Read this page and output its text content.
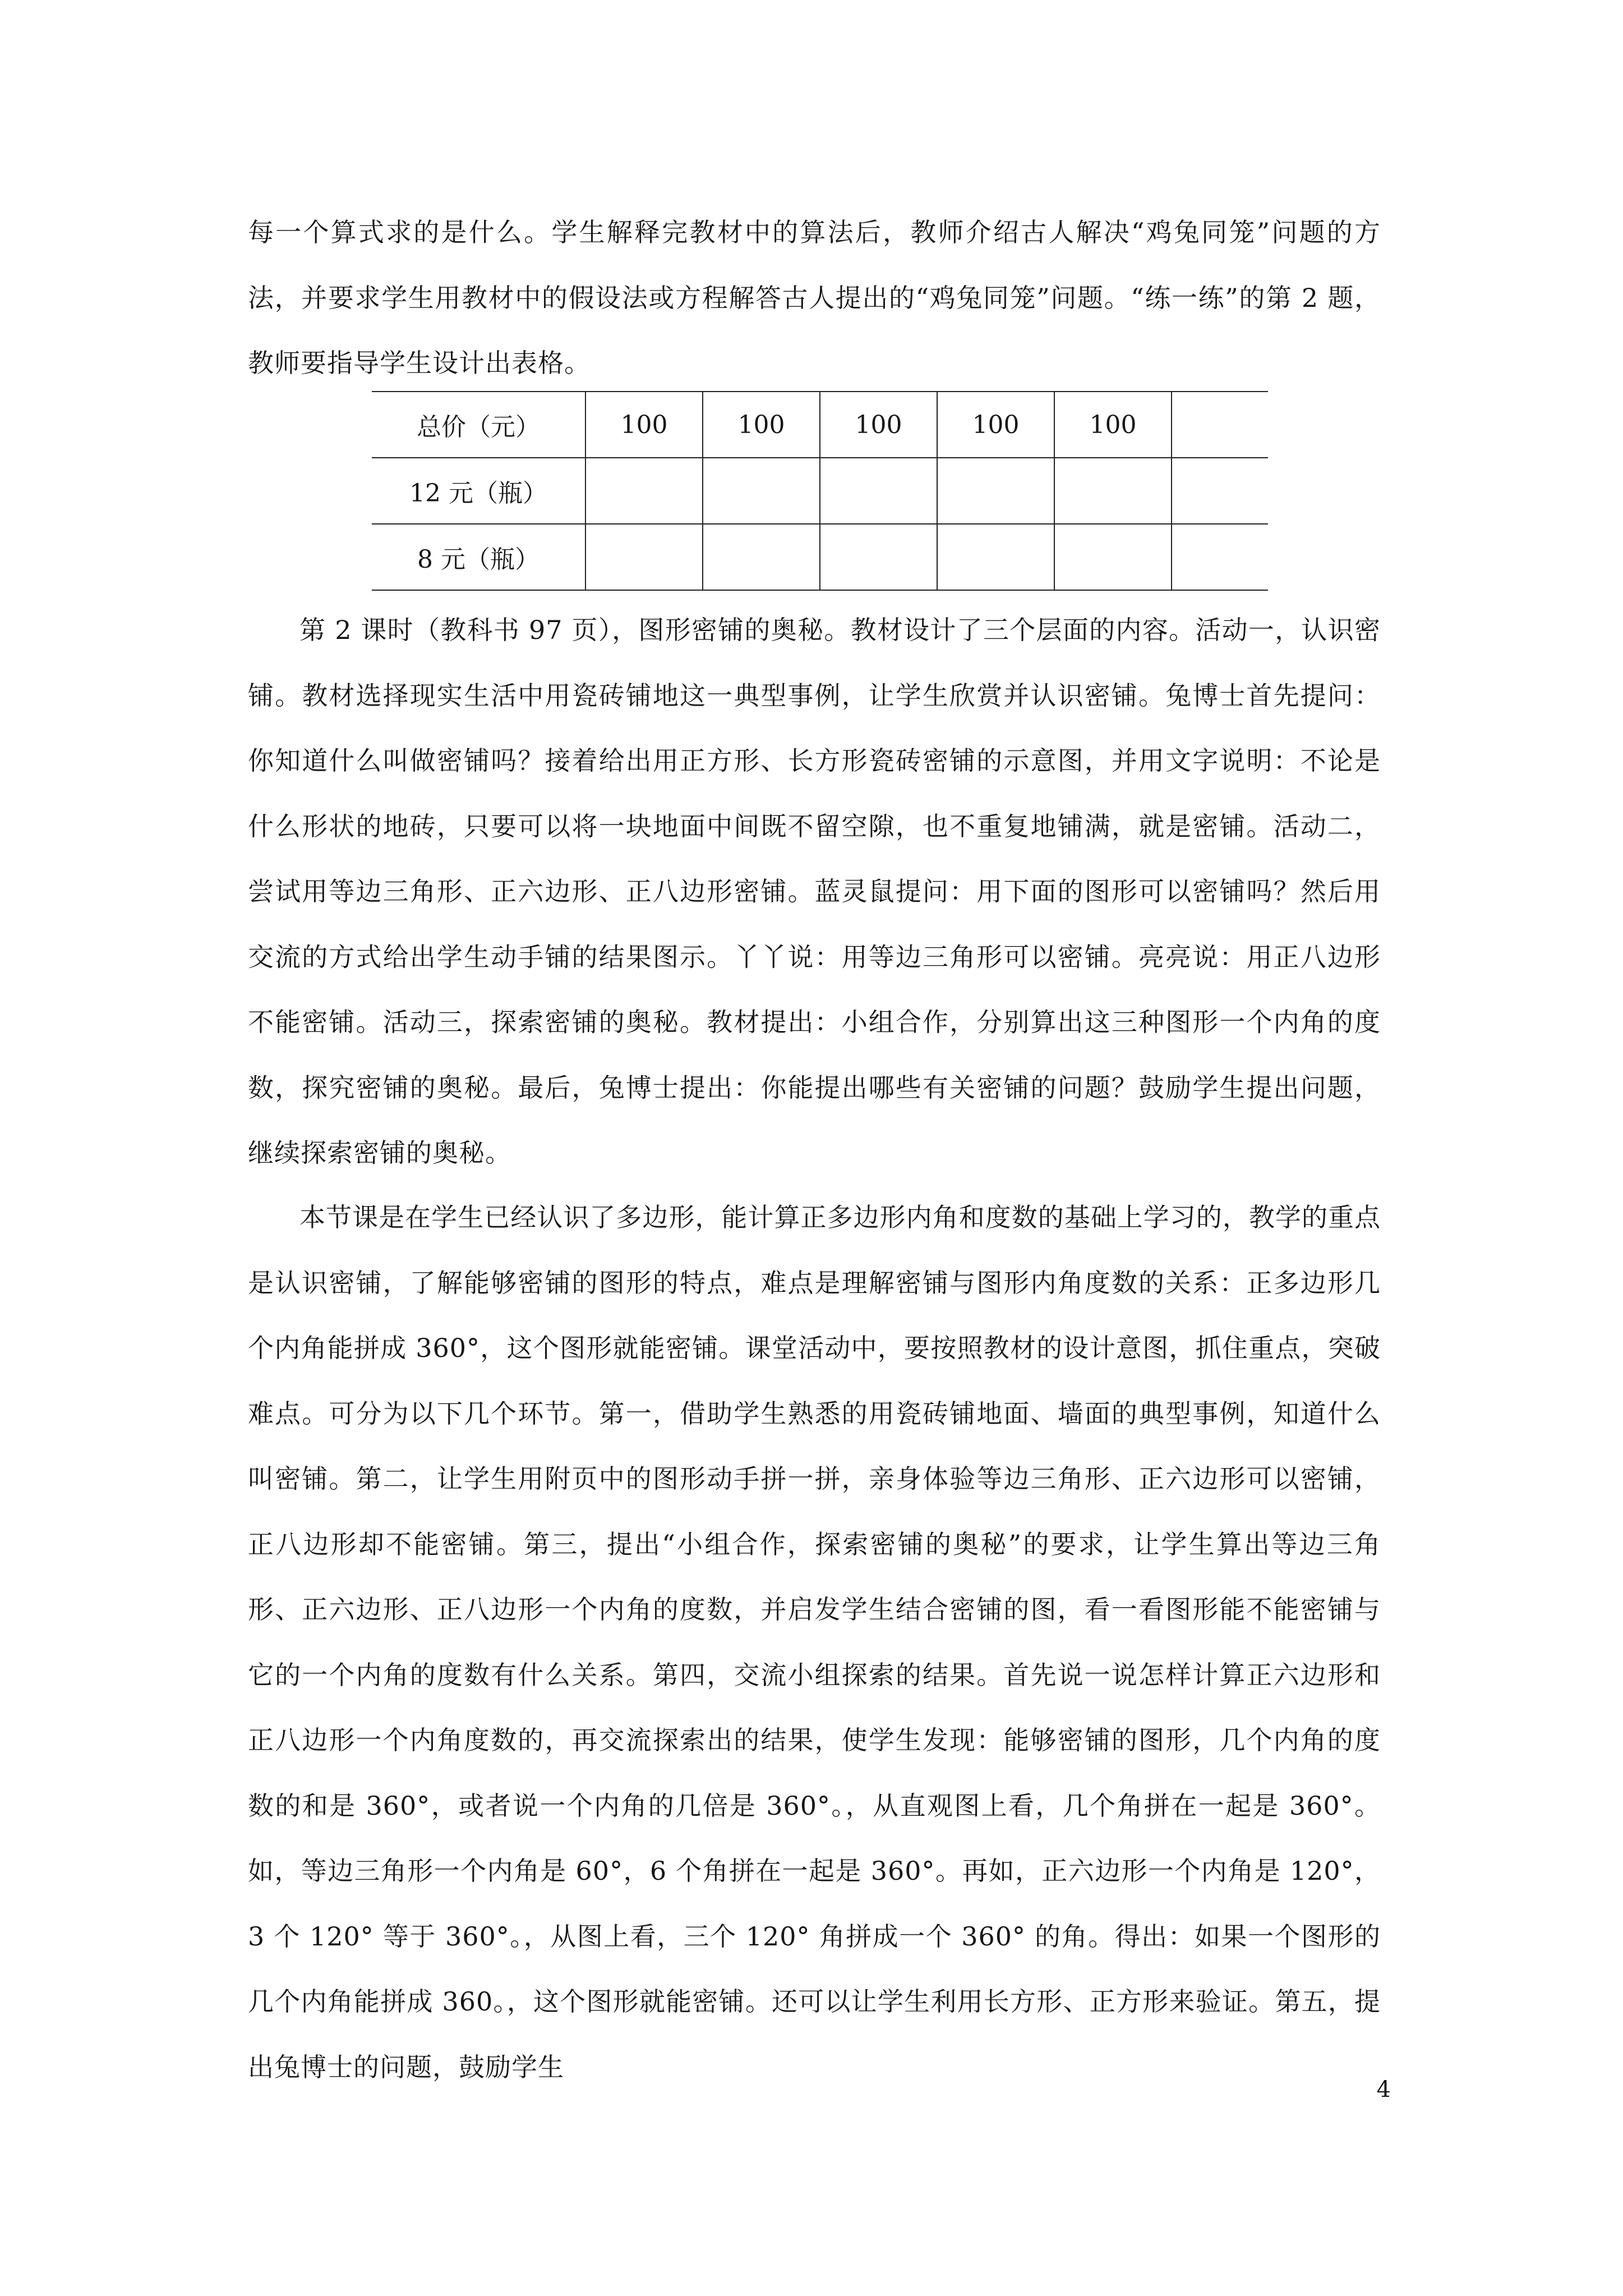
每一个算式求的是什么。学生解释完教材中的算法后，教师介绍古人解决“鸡兔同笼”问题的方法，并要求学生用教材中的假设法或方程解答古人提出的“鸡兔同笼”问题。“练一练”的第 2 题，教师要指导学生设计出表格。

总价（元）	100	100	100	100	100	
12 元（瓶）						
8 元（瓶）						

第 2 课时（教科书 97 页），图形密铺的奥秘。教材设计了三个层面的内容。活动一，认识密铺。教材选择现实生活中用瓷砖铺地这一典型事例，让学生欣赏并认识密铺。兔博士首先提问：你知道什么叫做密铺吗？接着给出用正方形、长方形瓷砖密铺的示意图，并用文字说明：不论是什么形状的地砖，只要可以将一块地面中间既不留空隙，也不重复地铺满，就是密铺。活动二，尝试用等边三角形、正六边形、正八边形密铺。蓝灵鼠提问：用下面的图形可以密铺吗？然后用交流的方式给出学生动手铺的结果图示。丫丫说：用等边三角形可以密铺。亮亮说：用正八边形不能密铺。活动三，探索密铺的奥秘。教材提出：小组合作，分别算出这三种图形一个内角的度数，探究密铺的奥秘。最后，兔博士提出：你能提出哪些有关密铺的问题？鼓励学生提出问题，继续探索密铺的奥秘。

本节课是在学生已经认识了多边形，能计算正多边形内角和度数的基础上学习的，教学的重点是认识密铺，了解能够密铺的图形的特点，难点是理解密铺与图形内角度数的关系：正多边形几个内角能拼成 360°，这个图形就能密铺。课堂活动中，要按照教材的设计意图，抓住重点，突破难点。可分为以下几个环节。第一，借助学生熟悉的用瓷砖铺地面、墙面的典型事例，知道什么叫密铺。第二，让学生用附页中的图形动手拼一拼，亲身体验等边三角形、正六边形可以密铺，正八边形却不能密铺。第三，提出“小组合作，探索密铺的奥秘”的要求，让学生算出等边三角形、正六边形、正八边形一个内角的度数，并启发学生结合密铺的图，看一看图形能不能密铺与它的一个内角的度数有什么关系。第四，交流小组探索的结果。首先说一说怎样计算正六边形和正八边形一个内角度数的，再交流探索出的结果，使学生发现：能够密铺的图形，几个内角的度数的和是 360°，或者说一个内角的几倍是 360°。，从直观图上看，几个角拼在一起是 360°。如，等边三角形一个内角是 60°，6 个角拼在一起是 360°。再如，正六边形一个内角是 120°，3 个 120° 等于 360°。，从图上看，三个 120° 角拼成一个 360° 的角。得出：如果一个图形的几个内角能拼成 360。，这个图形就能密铺。还可以让学生利用长方形、正方形来验证。第五，提出兔博士的问题，鼓励学生

4
